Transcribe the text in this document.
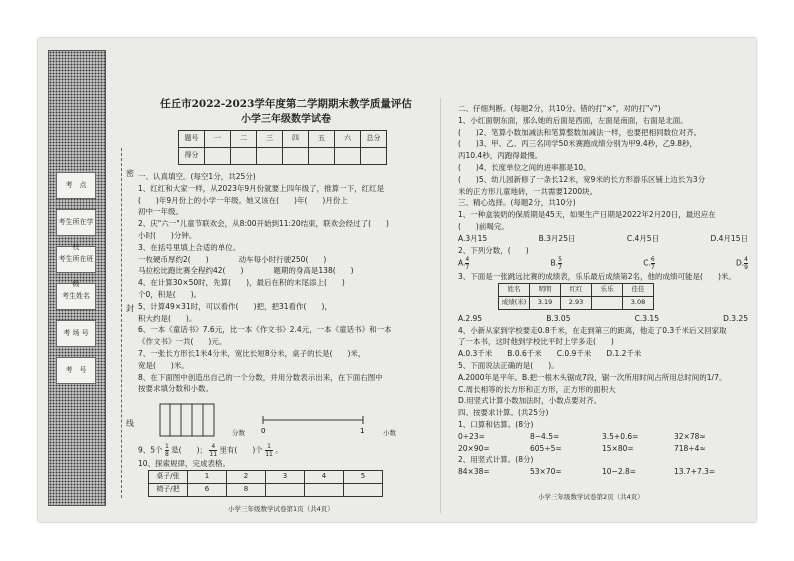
考　点
考生所在学
考生所在班
考生姓名
考 场 号
考　号
密
封
线
任丘市2022-2023学年度第二学期期末教学质量评估
小学三年级数学试卷
题号	一	二	三	四	五	六	总分
得分							
一、认真填空。(每空1分，共25分)
1、红红和大家一样，从2023年9月份就要上四年级了，推算一下，红红是
(　　)年9月份上的小学一年级。她又该在(　　)年(　　)月份上
初中一年级。
2、庆"六一"儿童节联欢会，从8:00开始到11:20结束，联欢会经过了(　　)
小时(　　)分钟。
3、在括号里填上合适的单位。
一枚硬币厚约2(　　)　　　　动车每小时行驶250(　　)
马拉松比跑比赛全程约42(　　)　　　　题期的身高是138(　　)
4、在计算30×50时，先算(　　)，最后在积的末尾添上(　　)
个0，积是(　　)。
5、计算49×31时，可以看作(　　)把，把31看作(　　)，
积大约是(　　)。
6、一本《童话书》7.6元，比一本《作文书》2.4元，一本《童话书》和一本
《作文书》一共(　　)元。
7、一张长方形长1米4分米，宽比长短8分米，桌子的长是(　　)米，
宽是(　　)米。
8、在下面图中创造出自己的一个分数，并用分数表示出来，在下面右图中
按要求填分数和小数。
分数 0	1	小数
9、5个 $\frac{1}{8}$ 是(　　)； $\frac{4}{11}$ 里有(　　)个 $\frac{1}{11}$ 。
10、探索规律，完成表格。
桌子/张	1	2	3	4	5
椅子/把	6	8			
小学三年级数学试卷第1页（共4页）
二、仔细判断。(每题2分，共10分。错的打"×"，对的打"√")
1、小红面朝东面，那么她的后面是西面，左面是南面，右面是北面。
(　　)2、笔算小数加减法和笔算整数加减法一样，也要把相同数位对齐。
(　　)3、甲、乙、丙三名同学50米赛跑成绩分别为甲9.4秒，乙9.8秒，
丙10.4秒，丙跑得最慢。
(　　)4、长度单位之间的进率都是10。
(　　)5、幼儿园新修了一条长12米，宽9米的长方形游乐区铺上边长为3分
米的正方形儿童地砖，一共需要1200块。
三、精心选择。(每题2分，共10分)
1、一种盒装奶的保质期是45天，如果生产日期是2022年2月20日，最迟应在
(　　)前喝完。
A.3月15	B.3月25日	C.4月5日	D.4月15日
2、下列分数，(　　)
A. $\frac{4}{7}$	B. $\frac{5}{7}$	C. $\frac{6}{7}$	D. $\frac{4}{9}$
3、下面是一张跳远比赛的成绩表，乐乐最后成绩第2名，他的成绩可能是(　　)米。
姓名	明明	红红	乐乐	佳佳
成绩(米)	3.19	2.93		3.08
A.2.95	B.3.05	C.3.15	D.3.25
4、小新从家到学校要走0.8千米，在走到第三的距离，他走了0.3千米后又回家取
了一本书，这时他到学校比平时上学多走(　　)
A.0.3千米　　B.0.6千米　　C.0.9千米　　D.1.2千米
5、下面说法正确的是(　　)。
A.2000年是平年。B.把一根木头锯成7段，锯一次所用时间占所用总时间的1/7。
C.周长相等的长方形和正方形，正方形的面积大
D.用竖式计算小数加法时，小数点要对齐。
四、按要求计算。(共25分)
1、口算和估算。(8分)
0÷23=	8−4.5=	3.5+0.6=	32×78≈
20×90=	605÷5=	15×80=	718÷4≈
2、用竖式计算。(8分)
84×38=	53×70=	10−2.8=	13.7+7.3=
小学三年级数学试卷第2页（共4页）
